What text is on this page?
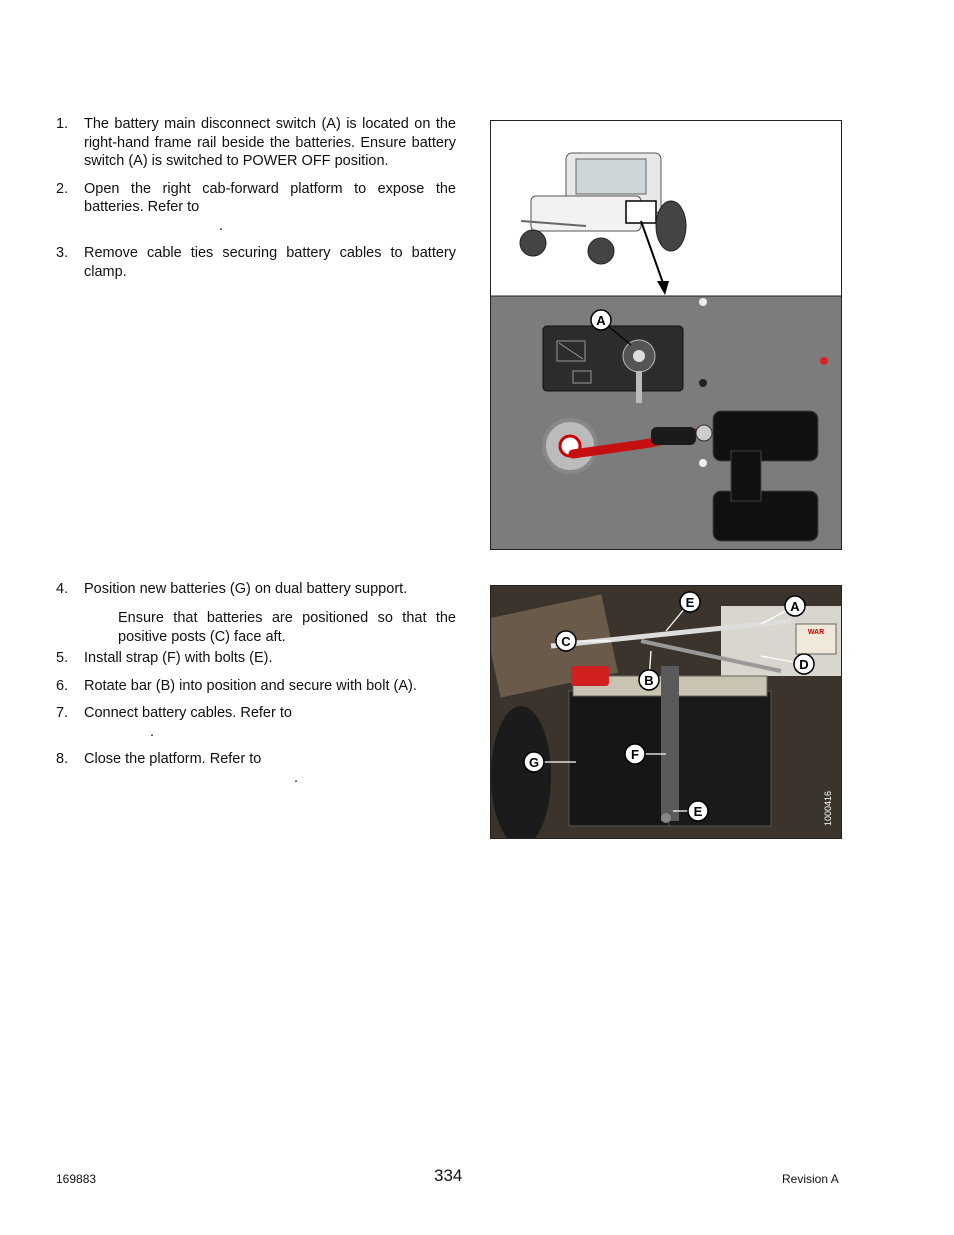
1. The battery main disconnect switch (A) is located on the right-hand frame rail beside the batteries. Ensure battery switch (A) is switched to POWER OFF position.

2. Open the right cab-forward platform to expose the batteries. Refer to

.

3. Remove cable ties securing battery cables to battery clamp.

A

4. Position new batteries (G) on dual battery support.

Ensure that batteries are positioned so that the positive posts (C) face aft.

5. Install strap (F) with bolts (E).

6. Rotate bar (B) into position and secure with bolt (A).

7. Connect battery cables. Refer to

.

8. Close the platform. Refer to

.

WAR
E	A
C
D
B
F
G
E	1000416
169883	334	Revision A
